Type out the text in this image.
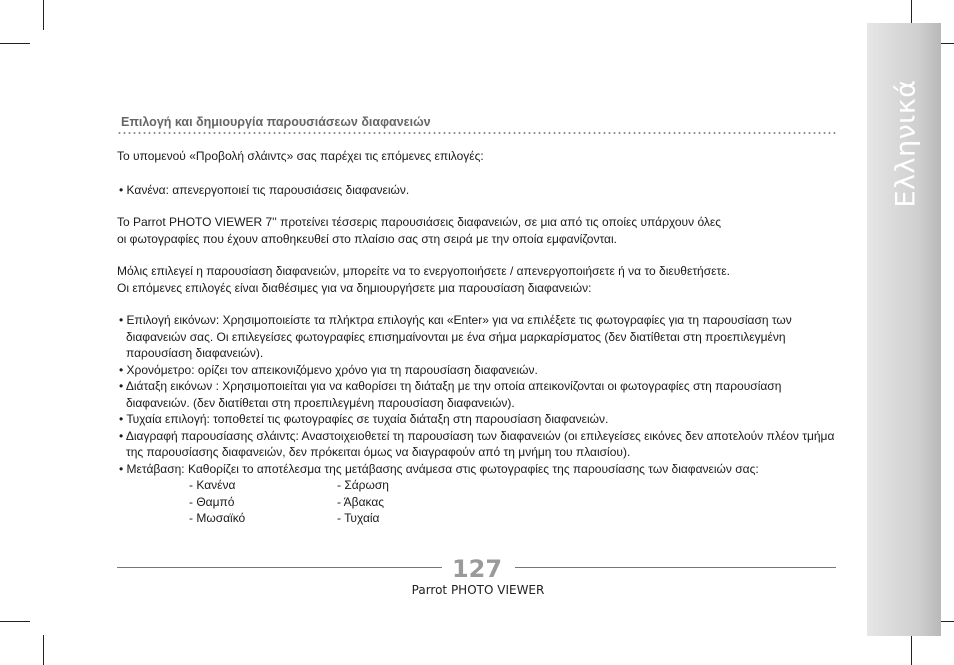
Ελληνικά
Επιλογή και δημιουργία παρουσιάσεων διαφανειών

Το υπομενού «Προβολή σλάιντς» σας παρέχει τις επόμενες επιλογές:

• Κανένα: απενεργοποιεί τις παρουσιάσεις διαφανειών.

To Parrot PHOTO VIEWER 7'' προτείνει τέσσερις παρουσιάσεις διαφανειών, σε μια από τις οποίες υπάρχουν όλες

οι φωτογραφίες που έχουν αποθηκευθεί στο πλαίσιο σας στη σειρά με την οποία εμφανίζονται.

Μόλις επιλεγεί η παρουσίαση διαφανειών, μπορείτε να το ενεργοποιήσετε / απενεργοποιήσετε ή να το διευθετήσετε.

Οι επόμενες επιλογές είναι διαθέσιμες για να δημιουργήσετε μια παρουσίαση διαφανειών:

• Επιλογή εικόνων: Χρησιμοποιείστε τα πλήκτρα επιλογής και «Enter» για να επιλέξετε τις φωτογραφίες για τη παρουσίαση των διαφανειών σας. Οι επιλεγείσες φωτογραφίες επισημαίνονται με ένα σήμα μαρκαρίσματος (δεν διατίθεται στη προεπιλεγμένη παρουσίαση διαφανειών).
• Χρονόμετρο: ορίζει τον απεικονιζόμενο χρόνο για τη παρουσίαση διαφανειών.
• Διάταξη εικόνων : Χρησιμοποιείται για να καθορίσει τη διάταξη με την οποία απεικονίζονται οι φωτογραφίες στη παρουσίαση διαφανειών. (δεν διατίθεται στη προεπιλεγμένη παρουσίαση διαφανειών).
• Τυχαία επιλογή: τοποθετεί τις φωτογραφίες σε τυχαία διάταξη στη παρουσίαση διαφανειών.
• Διαγραφή παρουσίασης σλάιντς: Αναστοιχειοθετεί τη παρουσίαση των διαφανειών (οι επιλεγείσες εικόνες δεν αποτελούν πλέον τμήμα της παρουσίασης διαφανειών, δεν πρόκειται όμως να διαγραφούν από τη μνήμη του πλαισίου).
• Μετάβαση: Καθορίζει το αποτέλεσμα της μετάβασης ανάμεσα στις φωτογραφίες της παρουσίασης των διαφανειών σας:
- Κανένα	- Σάρωση
- Θαμπό	- Άβακας
- Μωσαϊκό	- Τυχαία
127
Parrot PHOTO VIEWER
